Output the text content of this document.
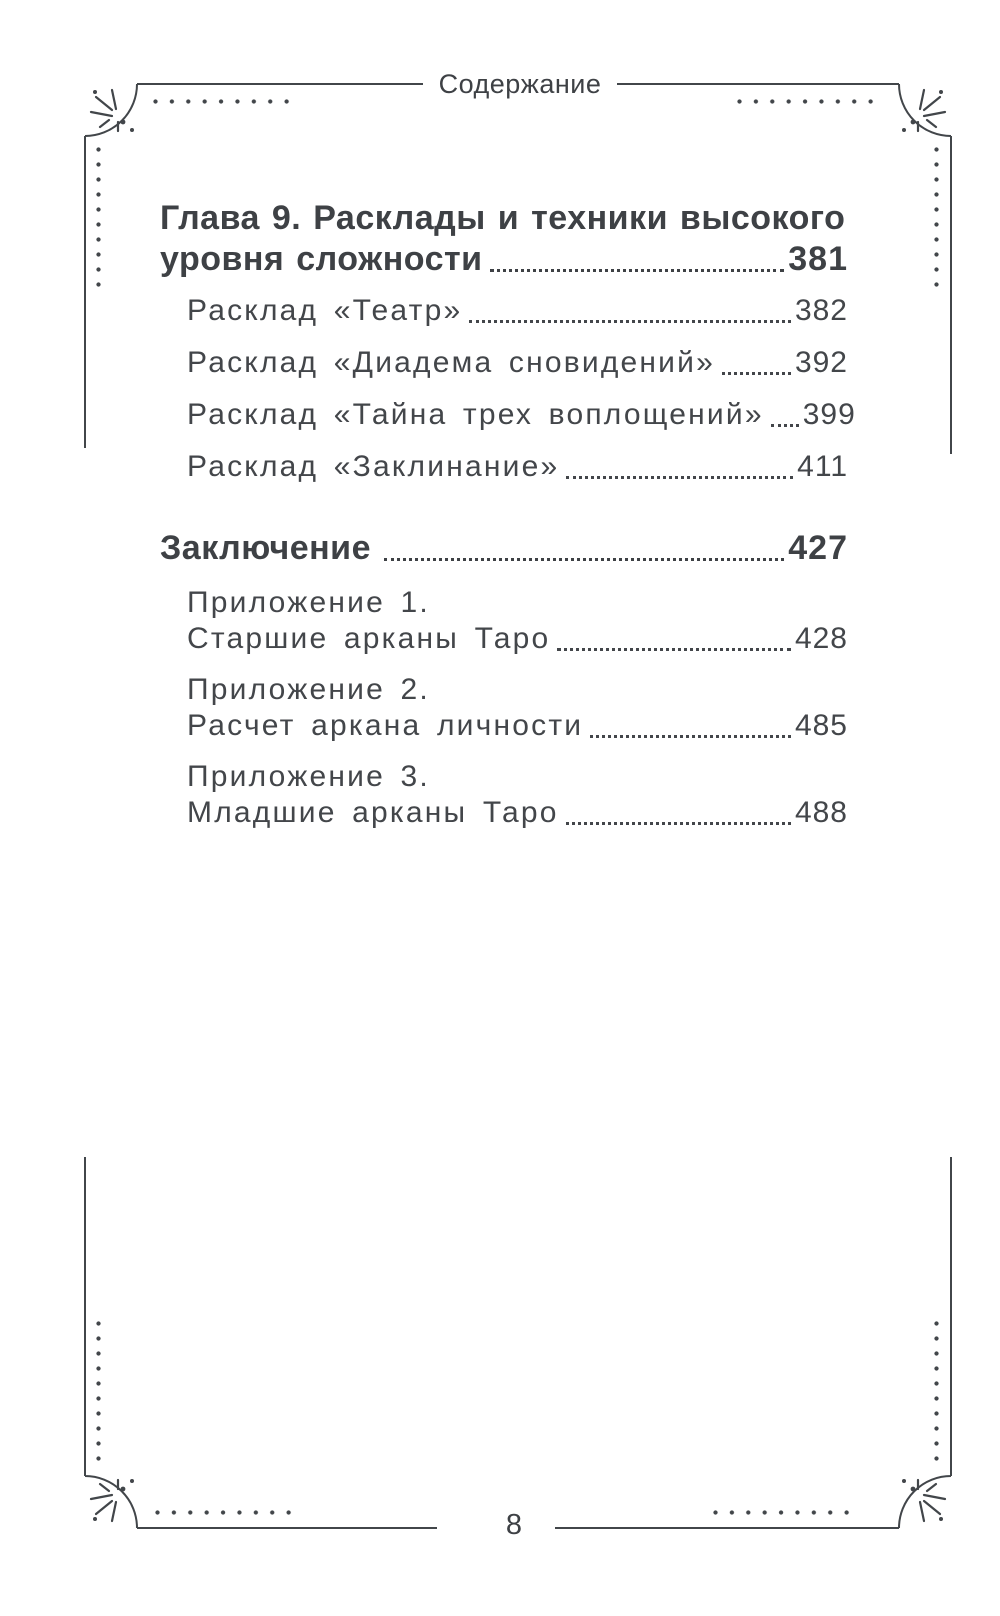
Содержание
Глава 9. Расклады и техники высокого
уровня сложности	381
Расклад «Театр»	382
Расклад «Диадема сновидений»	392
Расклад «Тайна трех воплощений» 399
Расклад «Заклинание»	411
Заключение	427
Приложение 1.
Старшие арканы Таро	428
Приложение 2.
Расчет аркана личности	485
Приложение 3.
Младшие арканы Таро	488
8
